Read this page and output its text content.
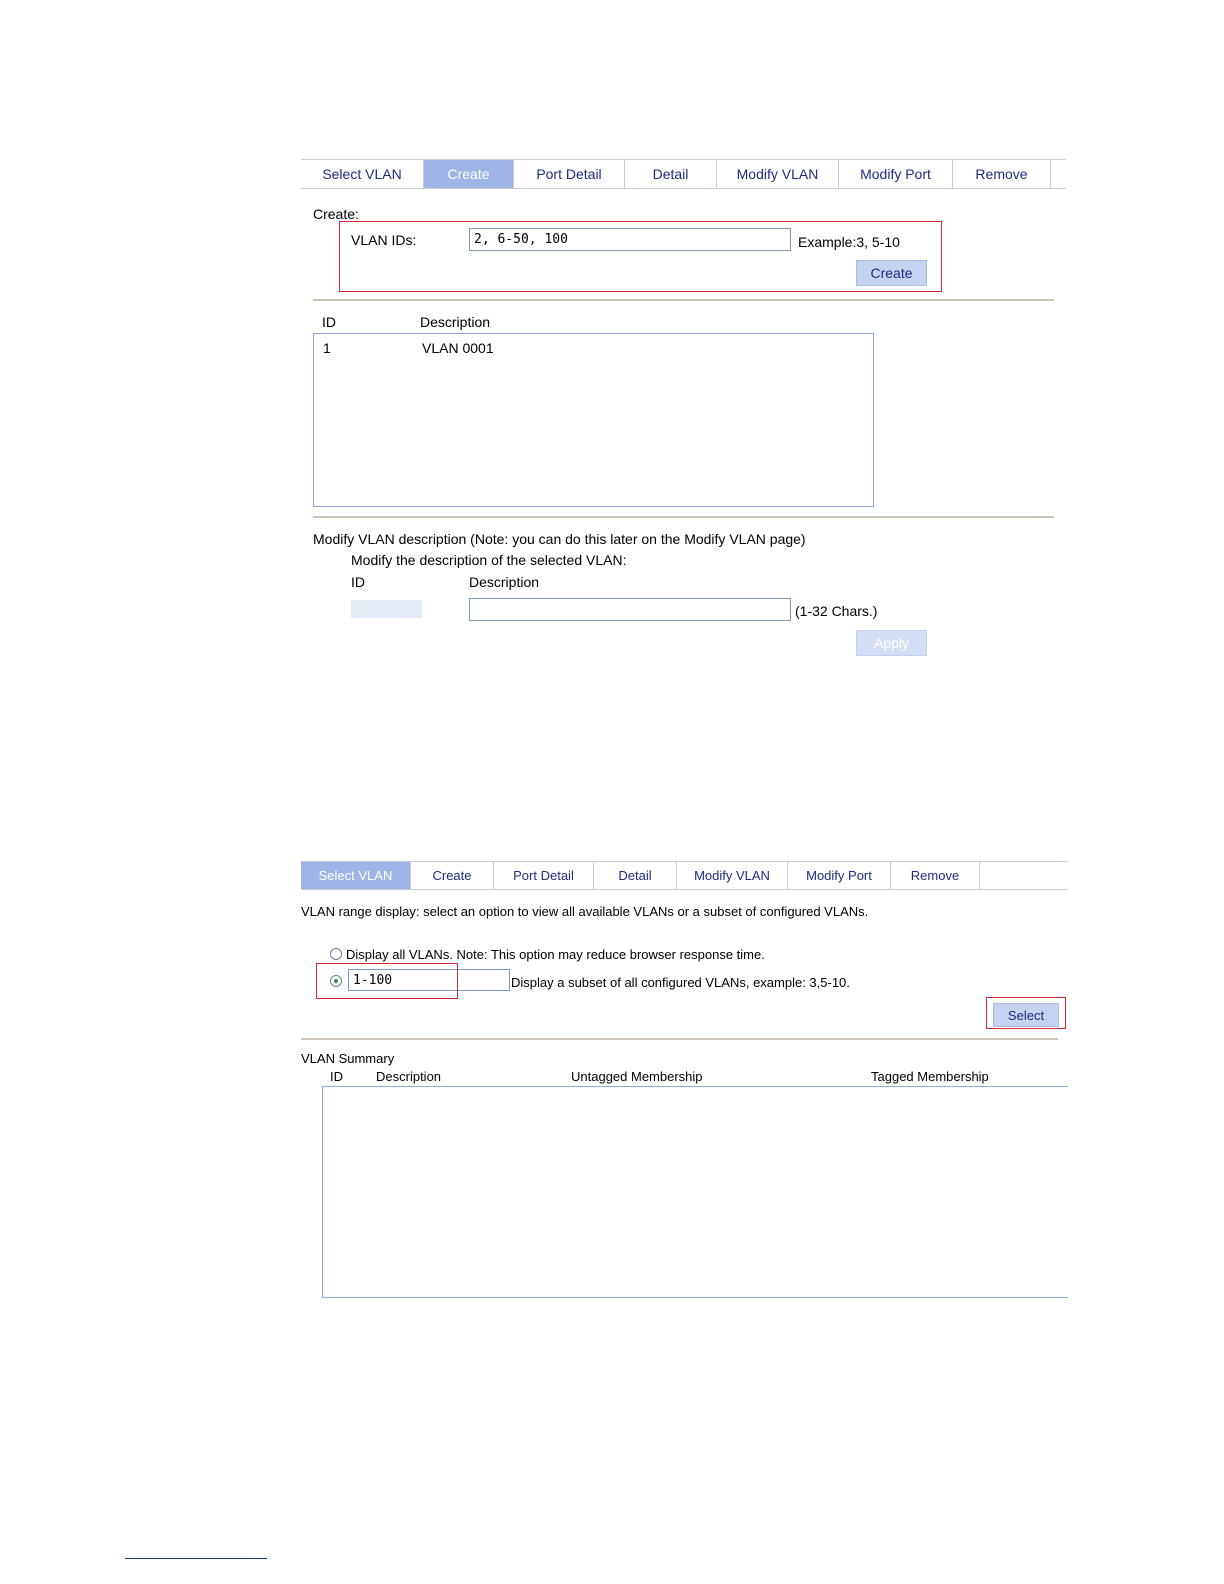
Select VLAN	Create	Port Detail	Detail	Modify VLAN	Modify Port	Remove
Create:
VLAN IDs:
2, 6-50, 100	Example:3, 5-10
Create
ID	Description
1	VLAN 0001
Modify VLAN description (Note: you can do this later on the Modify VLAN page)
Modify the description of the selected VLAN:
ID	Description
(1-32 Chars.)
Apply
Select VLAN	Create	Port Detail	Detail	Modify VLAN	Modify Port	Remove
VLAN range display: select an option to view all available VLANs or a subset of configured VLANs.
Display all VLANs. Note: This option may reduce browser response time.
1-100
Display a subset of all configured VLANs, example: 3,5-10.
Select
VLAN Summary
ID	Description	Untagged Membership	Tagged Membership
